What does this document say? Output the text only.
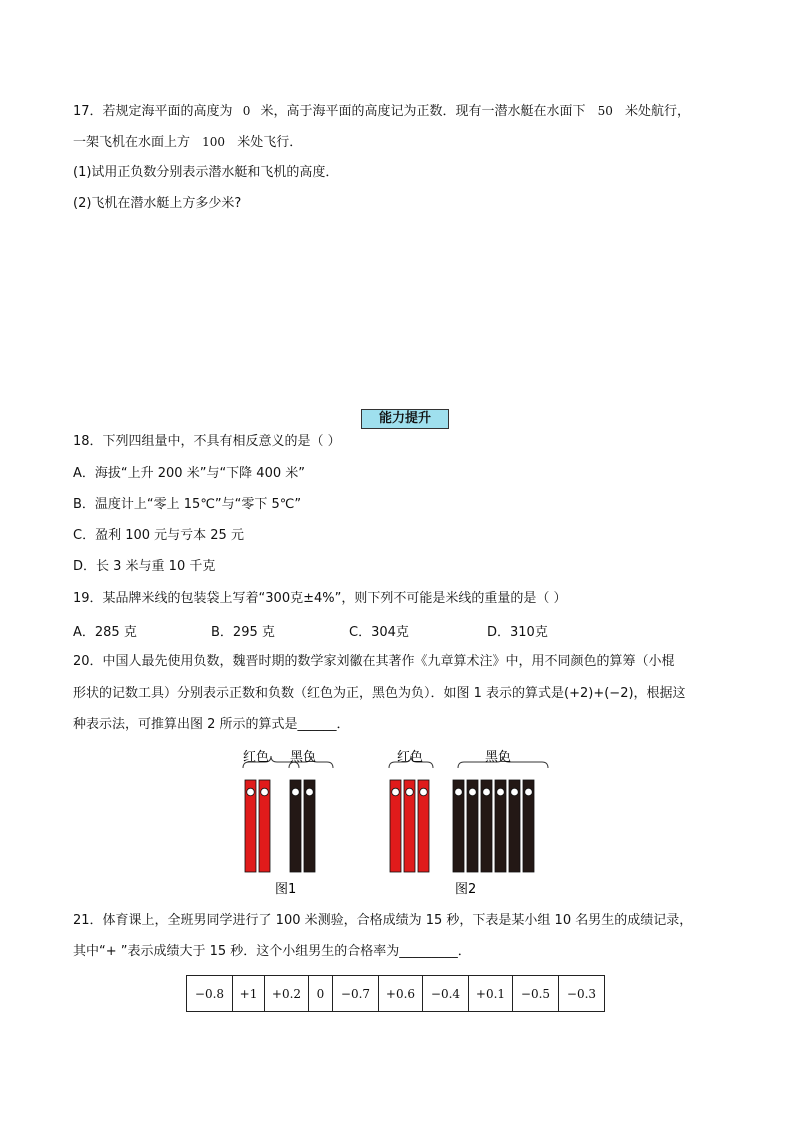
17．若规定海平面的高度为 0 米，高于海平面的高度记为正数．现有一潜水艇在水面下 50 米处航行，
一架飞机在水面上方 100 米处飞行．
(1)试用正负数分别表示潜水艇和飞机的高度．
(2)飞机在潜水艇上方多少米?
能力提升
18．下列四组量中，不具有相反意义的是（ ）
A．海拔“上升 200 米”与“下降 400 米”
B．温度计上“零上 15℃”与“零下 5℃”
C．盈利 100 元与亏本 25 元
D．长 3 米与重 10 千克
19．某品牌米线的包装袋上写着“300克±4%”，则下列不可能是米线的重量的是（ ）
A．285 克	B．295 克	C．304克	D．310克
20．中国人最先使用负数，魏晋时期的数学家刘徽在其著作《九章算术注》中，用不同颜色的算筹（小棍
形状的记数工具）分别表示正数和负数（红色为正，黑色为负）．如图 1 表示的算式是(+2)+(−2)，根据这
种表示法，可推算出图 2 所示的算式是______．
红色 黑色	红色	黑色
图1	图2
21．体育课上，全班男同学进行了 100 米测验，合格成绩为 15 秒，下表是某小组 10 名男生的成绩记录，
其中“+ ”表示成绩大于 15 秒．这个小组男生的合格率为_________．
−0.8	+1	+0.2	0	−0.7	+0.6	−0.4	+0.1	−0.5	−0.3
